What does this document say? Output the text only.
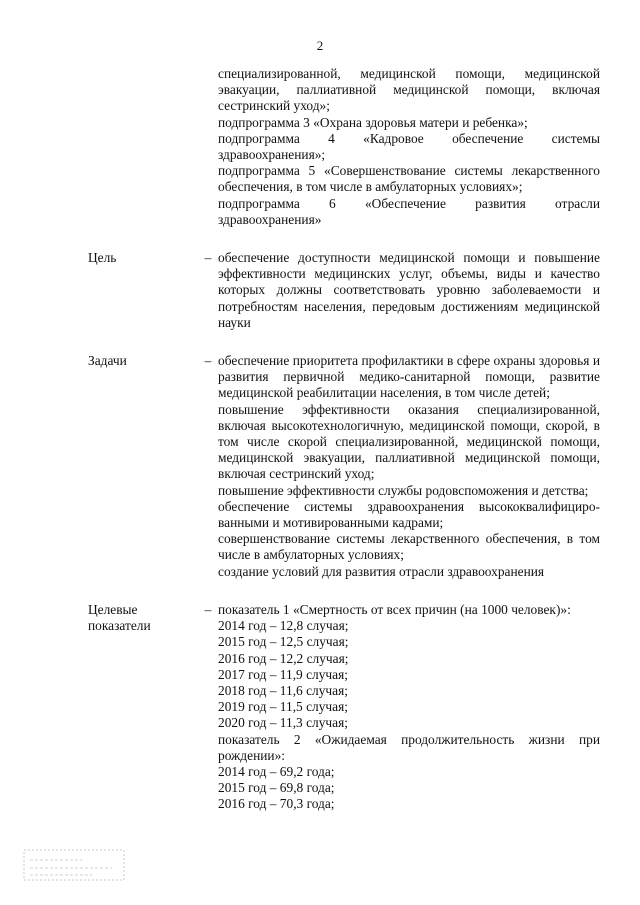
2
специализированной, медицинской помощи, медицинской эвакуации, паллиативной медицинской помощи, включая сестринский уход»;
подпрограмма 3 «Охрана здоровья матери и ребенка»;
подпрограмма 4 «Кадровое обеспечение системы здравоохранения»;
подпрограмма 5 «Совершенствование системы лекарственного обеспечения, в том числе в амбулаторных условиях»;
подпрограмма 6 «Обеспечение развития отрасли здравоохранения»
Цель	– обеспечение доступности медицинской помощи и повышение эффективности медицинских услуг, объемы, виды и качество которых должны соответствовать уровню заболеваемости и потребностям населения, передовым достижениям медицинской науки
Задачи	– обеспечение приоритета профилактики в сфере охраны здоровья и развития первичной медико-санитарной помощи, развитие медицинской реабилитации населения, в том числе детей;
повышение эффективности оказания специализированной, включая высокотехнологичную, медицинской помощи, скорой, в том числе скорой специализированной, медицинской помощи, медицинской эвакуации, паллиативной медицинской помощи, включая сестринский уход;
повышение эффективности службы родовспоможения и детства;
обеспечение системы здравоохранения высококвалифициро-ванными и мотивированными кадрами;
совершенствование системы лекарственного обеспечения, в том числе в амбулаторных условиях;
создание условий для развития отрасли здравоохранения
Целевые показатели
– показатель 1 «Смертность от всех причин (на 1000 человек)»:
2014 год – 12,8 случая;
2015 год – 12,5 случая;
2016 год – 12,2 случая;
2017 год – 11,9 случая;
2018 год – 11,6 случая;
2019 год – 11,5 случая;
2020 год – 11,3 случая;
показатель 2 «Ожидаемая продолжительность жизни при рождении»:
2014 год – 69,2 года;
2015 год – 69,8 года;
2016 год – 70,3 года;
